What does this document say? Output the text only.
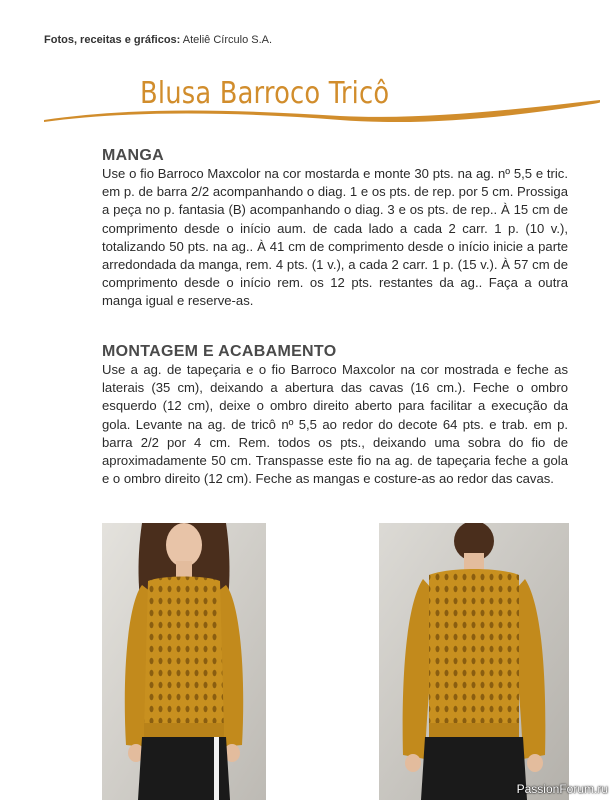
Fotos, receitas e gráficos: Ateliê Círculo S.A.
Blusa Barroco Tricô
MANGA

Use o fio Barroco Maxcolor na cor mostarda e monte 30 pts. na ag. nº 5,5 e tric. em p. de barra 2/2 acompanhando o diag. 1 e os pts. de rep. por 5 cm. Prossiga a peça no p. fantasia (B) acompanhando o diag. 3 e os pts. de rep.. À 15 cm de comprimento desde o início aum. de cada lado a cada 2 carr. 1 p. (10 v.), totalizando 50 pts. na ag.. À 41 cm de comprimento desde o início inicie a parte arredondada da manga, rem. 4 pts. (1 v.), a cada 2 carr. 1 p. (15 v.). À 57 cm de comprimento desde o início rem. os 12 pts. restantes da ag.. Faça a outra manga igual e reserve-as.

MONTAGEM E ACABAMENTO

Use a ag. de tapeçaria e o fio Barroco Maxcolor na cor mostrada e feche as laterais (35 cm), deixando a abertura das cavas (16 cm.). Feche o ombro esquerdo (12 cm), deixe o ombro direito aberto para facilitar a execução da gola. Levante na ag. de tricô nº 5,5 ao redor do decote 64 pts. e trab. em p. barra 2/2 por 4 cm. Rem. todos os pts., deixando uma sobra do fio de aproximadamente 50 cm. Transpasse este fio na ag. de tapeçaria feche a gola e o ombro direito (12 cm). Feche as mangas e costure-as ao redor das cavas.

PassionForum.ru
